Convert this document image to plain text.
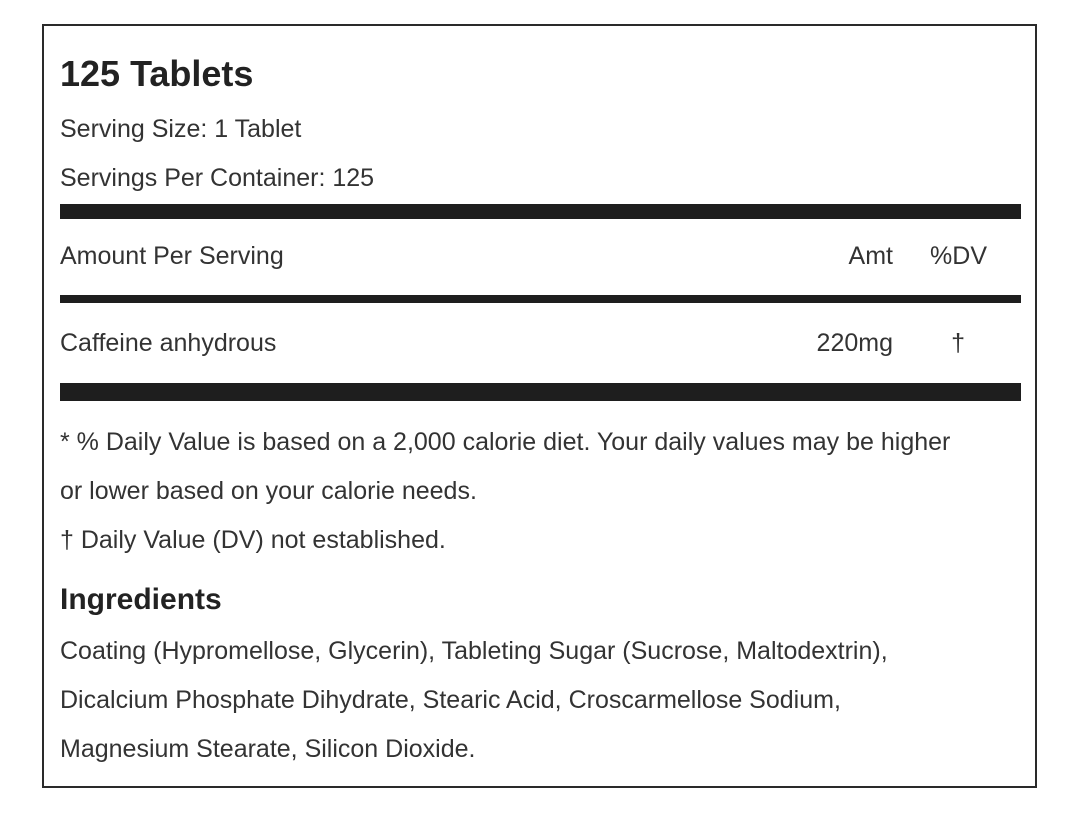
125 Tablets
Serving Size: 1 Tablet
Servings Per Container: 125
Amount Per Serving	Amt %DV
Caffeine anhydrous	220mg †
* % Daily Value is based on a 2,000 calorie diet. Your daily values may be higher
or lower based on your calorie needs.
† Daily Value (DV) not established.
Ingredients
Coating (Hypromellose, Glycerin), Tableting Sugar (Sucrose, Maltodextrin),
Dicalcium Phosphate Dihydrate, Stearic Acid, Croscarmellose Sodium,
Magnesium Stearate, Silicon Dioxide.
